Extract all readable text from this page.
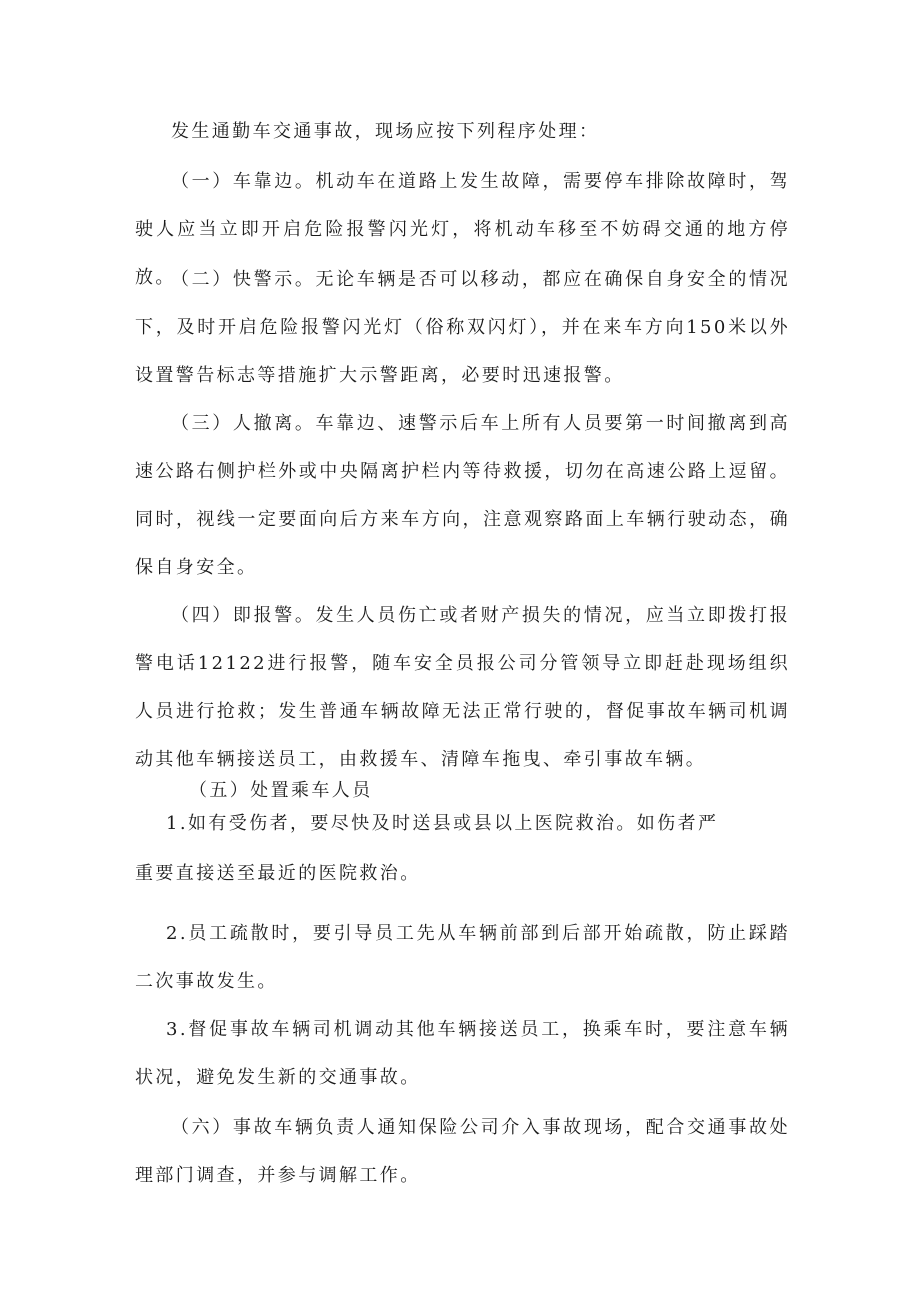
发生通勤车交通事故，现场应按下列程序处理：

（一）车靠边。机动车在道路上发生故障，需要停车排除故障时，驾驶人应当立即开启危险报警闪光灯，将机动车移至不妨碍交通的地方停放。

（二）快警示。无论车辆是否可以移动，都应在确保自身安全的情况下，及时开启危险报警闪光灯（俗称双闪灯），并在来车方向150米以外设置警告标志等措施扩大示警距离，必要时迅速报警。

（三）人撤离。车靠边、速警示后车上所有人员要第一时间撤离到高速公路右侧护栏外或中央隔离护栏内等待救援，切勿在高速公路上逗留。同时，视线一定要面向后方来车方向，注意观察路面上车辆行驶动态，确保自身安全。

（四）即报警。发生人员伤亡或者财产损失的情况，应当立即拨打报警电话12122进行报警，随车安全员报公司分管领导立即赶赴现场组织人员进行抢救；发生普通车辆故障无法正常行驶的，督促事故车辆司机调动其他车辆接送员工，由救援车、清障车拖曳、牵引事故车辆。

（五）处置乘车人员

1.如有受伤者，要尽快及时送县或县以上医院救治。如伤者严

重要直接送至最近的医院救治。

2.员工疏散时，要引导员工先从车辆前部到后部开始疏散，防止踩踏二次事故发生。

3.督促事故车辆司机调动其他车辆接送员工，换乘车时，要注意车辆状况，避免发生新的交通事故。

（六）事故车辆负责人通知保险公司介入事故现场，配合交通事故处理部门调查，并参与调解工作。
